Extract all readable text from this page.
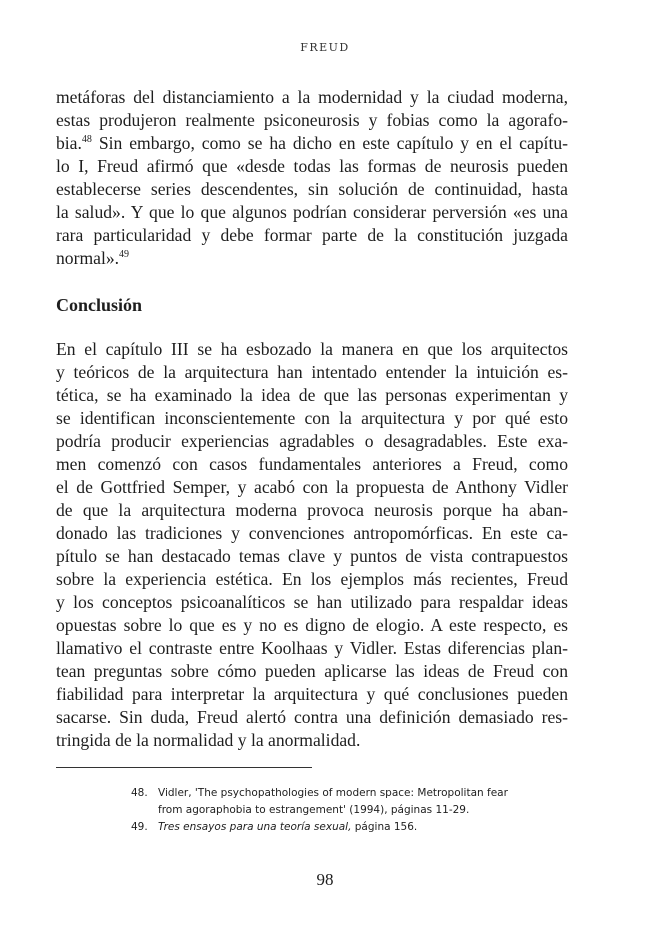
FREUD
metáforas del distanciamiento a la modernidad y la ciudad moderna,
estas produjeron realmente psiconeurosis y fobias como la agorafo-
bia.$^{48}$ Sin embargo, como se ha dicho en este capítulo y en el capítu-
lo I, Freud afirmó que «desde todas las formas de neurosis pueden
establecerse series descendentes, sin solución de continuidad, hasta
la salud». Y que lo que algunos podrían considerar perversión «es una
rara particularidad y debe formar parte de la constitución juzgada
normal».$^{49}$
Conclusión
En el capítulo III se ha esbozado la manera en que los arquitectos
y teóricos de la arquitectura han intentado entender la intuición es-
tética, se ha examinado la idea de que las personas experimentan y
se identifican inconscientemente con la arquitectura y por qué esto
podría producir experiencias agradables o desagradables. Este exa-
men comenzó con casos fundamentales anteriores a Freud, como
el de Gottfried Semper, y acabó con la propuesta de Anthony Vidler
de que la arquitectura moderna provoca neurosis porque ha aban-
donado las tradiciones y convenciones antropomórficas. En este ca-
pítulo se han destacado temas clave y puntos de vista contrapuestos
sobre la experiencia estética. En los ejemplos más recientes, Freud
y los conceptos psicoanalíticos se han utilizado para respaldar ideas
opuestas sobre lo que es y no es digno de elogio. A este respecto, es
llamativo el contraste entre Koolhaas y Vidler. Estas diferencias plan-
tean preguntas sobre cómo pueden aplicarse las ideas de Freud con
fiabilidad para interpretar la arquitectura y qué conclusiones pueden
sacarse. Sin duda, Freud alertó contra una definición demasiado res-
tringida de la normalidad y la anormalidad.
48. Vidler, 'The psychopathologies of modern space: Metropolitan fear
from agoraphobia to estrangement' (1994), páginas 11-29.
49. Tres ensayos para una teoría sexual, página 156.
98
